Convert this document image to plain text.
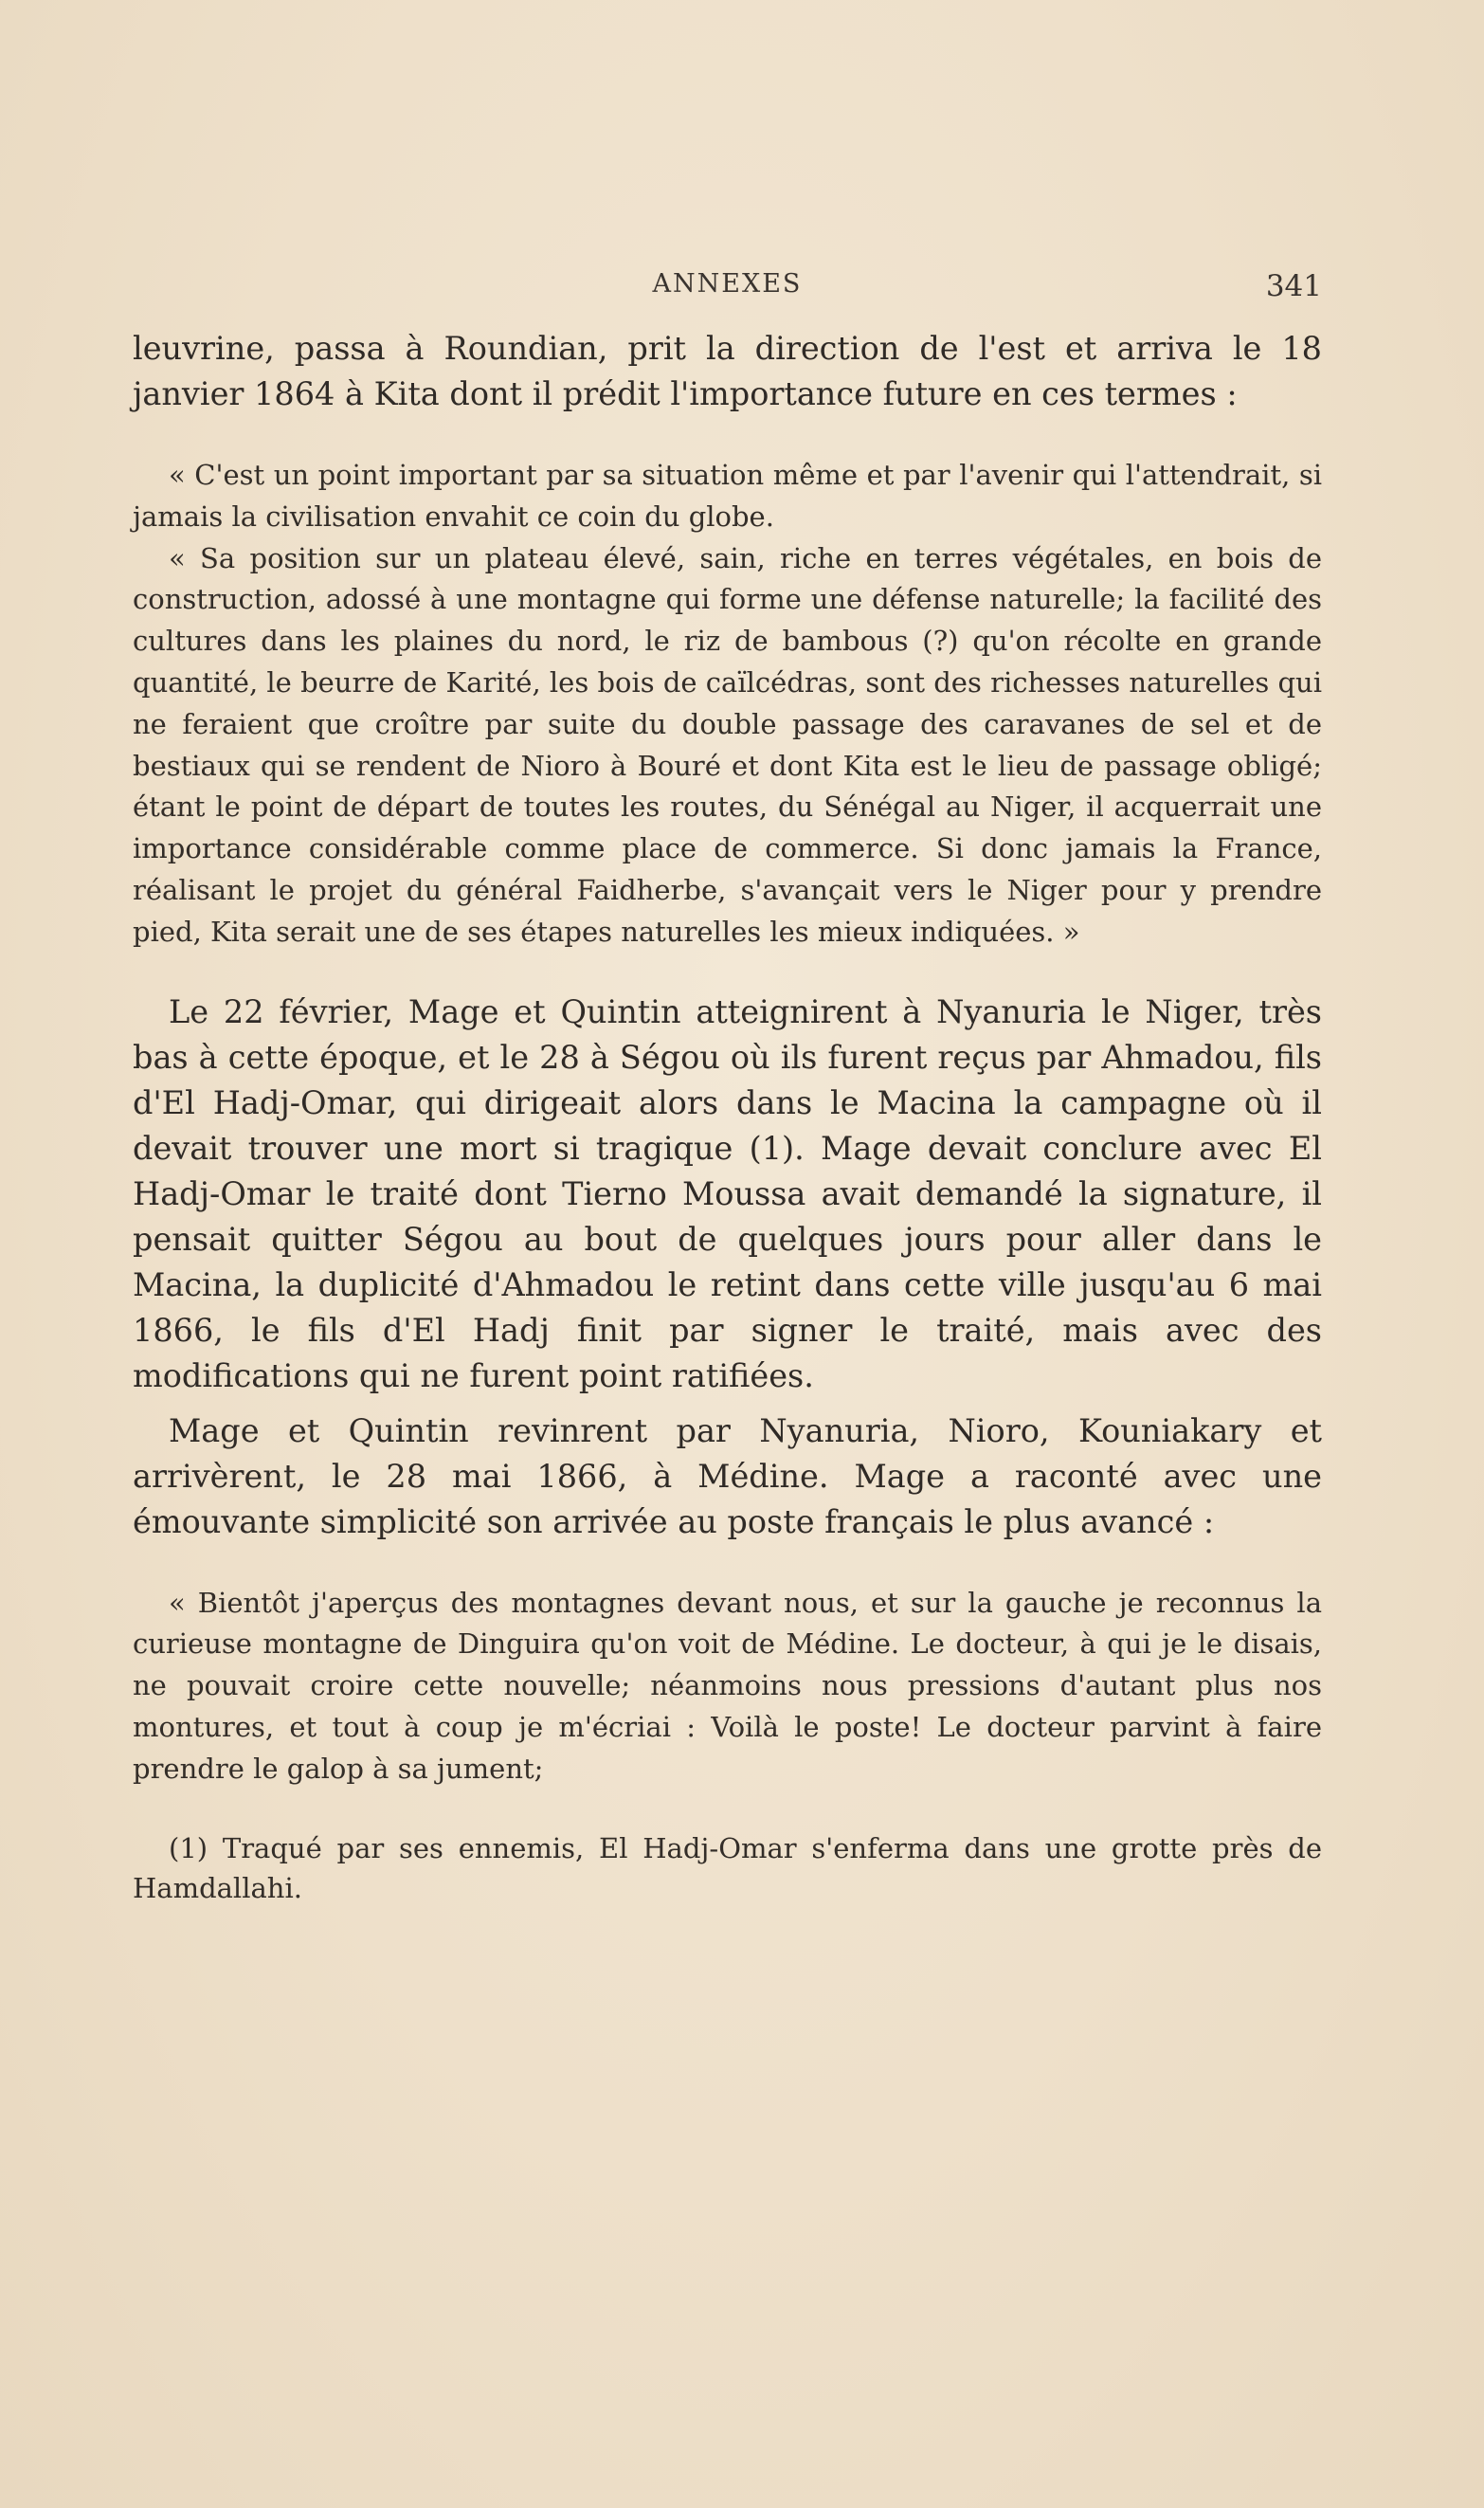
ANNEXES	341

leuvrine, passa à Roundian, prit la direction de l'est et arriva le 18 janvier 1864 à Kita dont il prédit l'importance future en ces termes :

« C'est un point important par sa situation même et par l'avenir qui l'attendrait, si jamais la civilisation envahit ce coin du globe.

« Sa position sur un plateau élevé, sain, riche en terres végétales, en bois de construction, adossé à une montagne qui forme une défense naturelle; la facilité des cultures dans les plaines du nord, le riz de bambous (?) qu'on récolte en grande quantité, le beurre de Karité, les bois de caïlcédras, sont des richesses naturelles qui ne feraient que croître par suite du double passage des caravanes de sel et de bestiaux qui se rendent de Nioro à Bouré et dont Kita est le lieu de passage obligé; étant le point de départ de toutes les routes, du Sénégal au Niger, il acquerrait une importance considérable comme place de commerce. Si donc jamais la France, réalisant le projet du général Faidherbe, s'avançait vers le Niger pour y prendre pied, Kita serait une de ses étapes naturelles les mieux indiquées. »

Le 22 février, Mage et Quintin atteignirent à Nyanuria le Niger, très bas à cette époque, et le 28 à Ségou où ils furent reçus par Ahmadou, fils d'El Hadj-Omar, qui dirigeait alors dans le Macina la campagne où il devait trouver une mort si tragique (1). Mage devait conclure avec El Hadj-Omar le traité dont Tierno Moussa avait demandé la signature, il pensait quitter Ségou au bout de quelques jours pour aller dans le Macina, la duplicité d'Ahmadou le retint dans cette ville jusqu'au 6 mai 1866, le fils d'El Hadj finit par signer le traité, mais avec des modifications qui ne furent point ratifiées.

Mage et Quintin revinrent par Nyanuria, Nioro, Kouniakary et arrivèrent, le 28 mai 1866, à Médine. Mage a raconté avec une émouvante simplicité son arrivée au poste français le plus avancé :

« Bientôt j'aperçus des montagnes devant nous, et sur la gauche je reconnus la curieuse montagne de Dinguira qu'on voit de Médine. Le docteur, à qui je le disais, ne pouvait croire cette nouvelle; néanmoins nous pressions d'autant plus nos montures, et tout à coup je m'écriai : Voilà le poste! Le docteur parvint à faire prendre le galop à sa jument;

(1) Traqué par ses ennemis, El Hadj-Omar s'enferma dans une grotte près de Hamdallahi.
